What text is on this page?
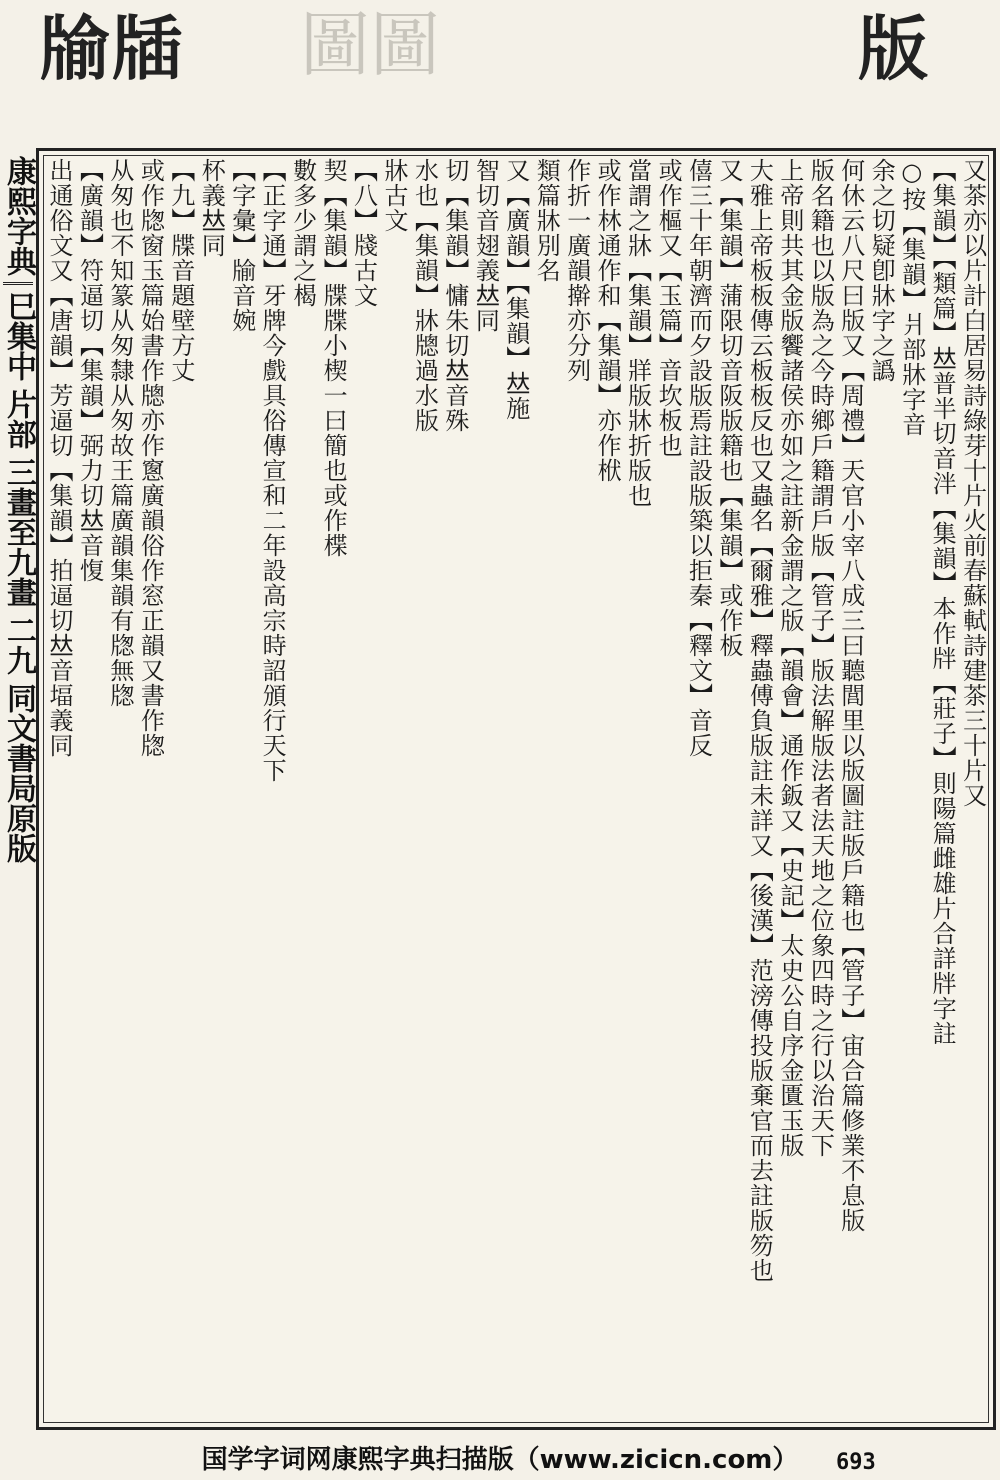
圖圖
牏牐	版
康熙字典
巳集中
片部
三畫至九畫
二九
同文書局原版	又茶亦以片計白居易詩綠芽十片火前春蘇軾詩建茶三十片又
【集韻】【類篇】𠀤普半切音泮【集韻】本作牉【莊子】則陽篇雌雄片合詳牉字註
○按【集韻】爿部牀字音
余之切疑卽牀字之譌
何休云八尺曰版又【周禮】天官小宰八成三曰聽閭里以版圖註版戶籍也【管子】宙合篇修業不息版
版名籍也以版為之今時鄉戶籍謂戶版【管子】版法解版法者法天地之位象四時之行以治天下
上帝則共其金版饗諸侯亦如之註新金謂之版【韻會】通作鈑又【史記】太史公自序金匱玉版
大雅上帝板板傳云板板反也又蟲名【爾雅】釋蟲傅負版註未詳又【後漢】范滂傳投版棄官而去註版笏也
又【集韻】蒲限切音阪版籍也【集韻】或作板
僖三十年朝濟而夕設版焉註設版築以拒秦【釋文】音反
或作樞又【玉篇】音坎板也
當謂之牀【集韻】牂版牀折版也
或作林通作和【集韻】亦作栿
作折一廣韻擀亦分列
類篇牀別名
又【廣韻】【集韻】𠀤施
智切音翅義𠀤同
切【集韻】慵朱切𠀤音殊
水也【集韻】牀牕過水版
牀古文
【八】牋古文
契【集韻】牒牒小楔一曰簡也或作楪
數多少謂之楬
【正字通】牙牌今戲具俗傳宣和二年設高宗時詔頒行天下
【字彙】牏音婉
杯義𠀤同
【九】牒音題壁方丈
或作牎窗玉篇始書作牕亦作窻廣韻俗作窓正韻又書作牎
从匆也不知篆从匆隸从匆故王篇廣韻集韻有牎無牎
【廣韻】符逼切【集韻】弼力切𠀤音愎
出通俗文又【唐韻】芳逼切【集韻】拍逼切𠀤音堛義同
国学字词网康熙字典扫描版（www.zicicn.com）	693
